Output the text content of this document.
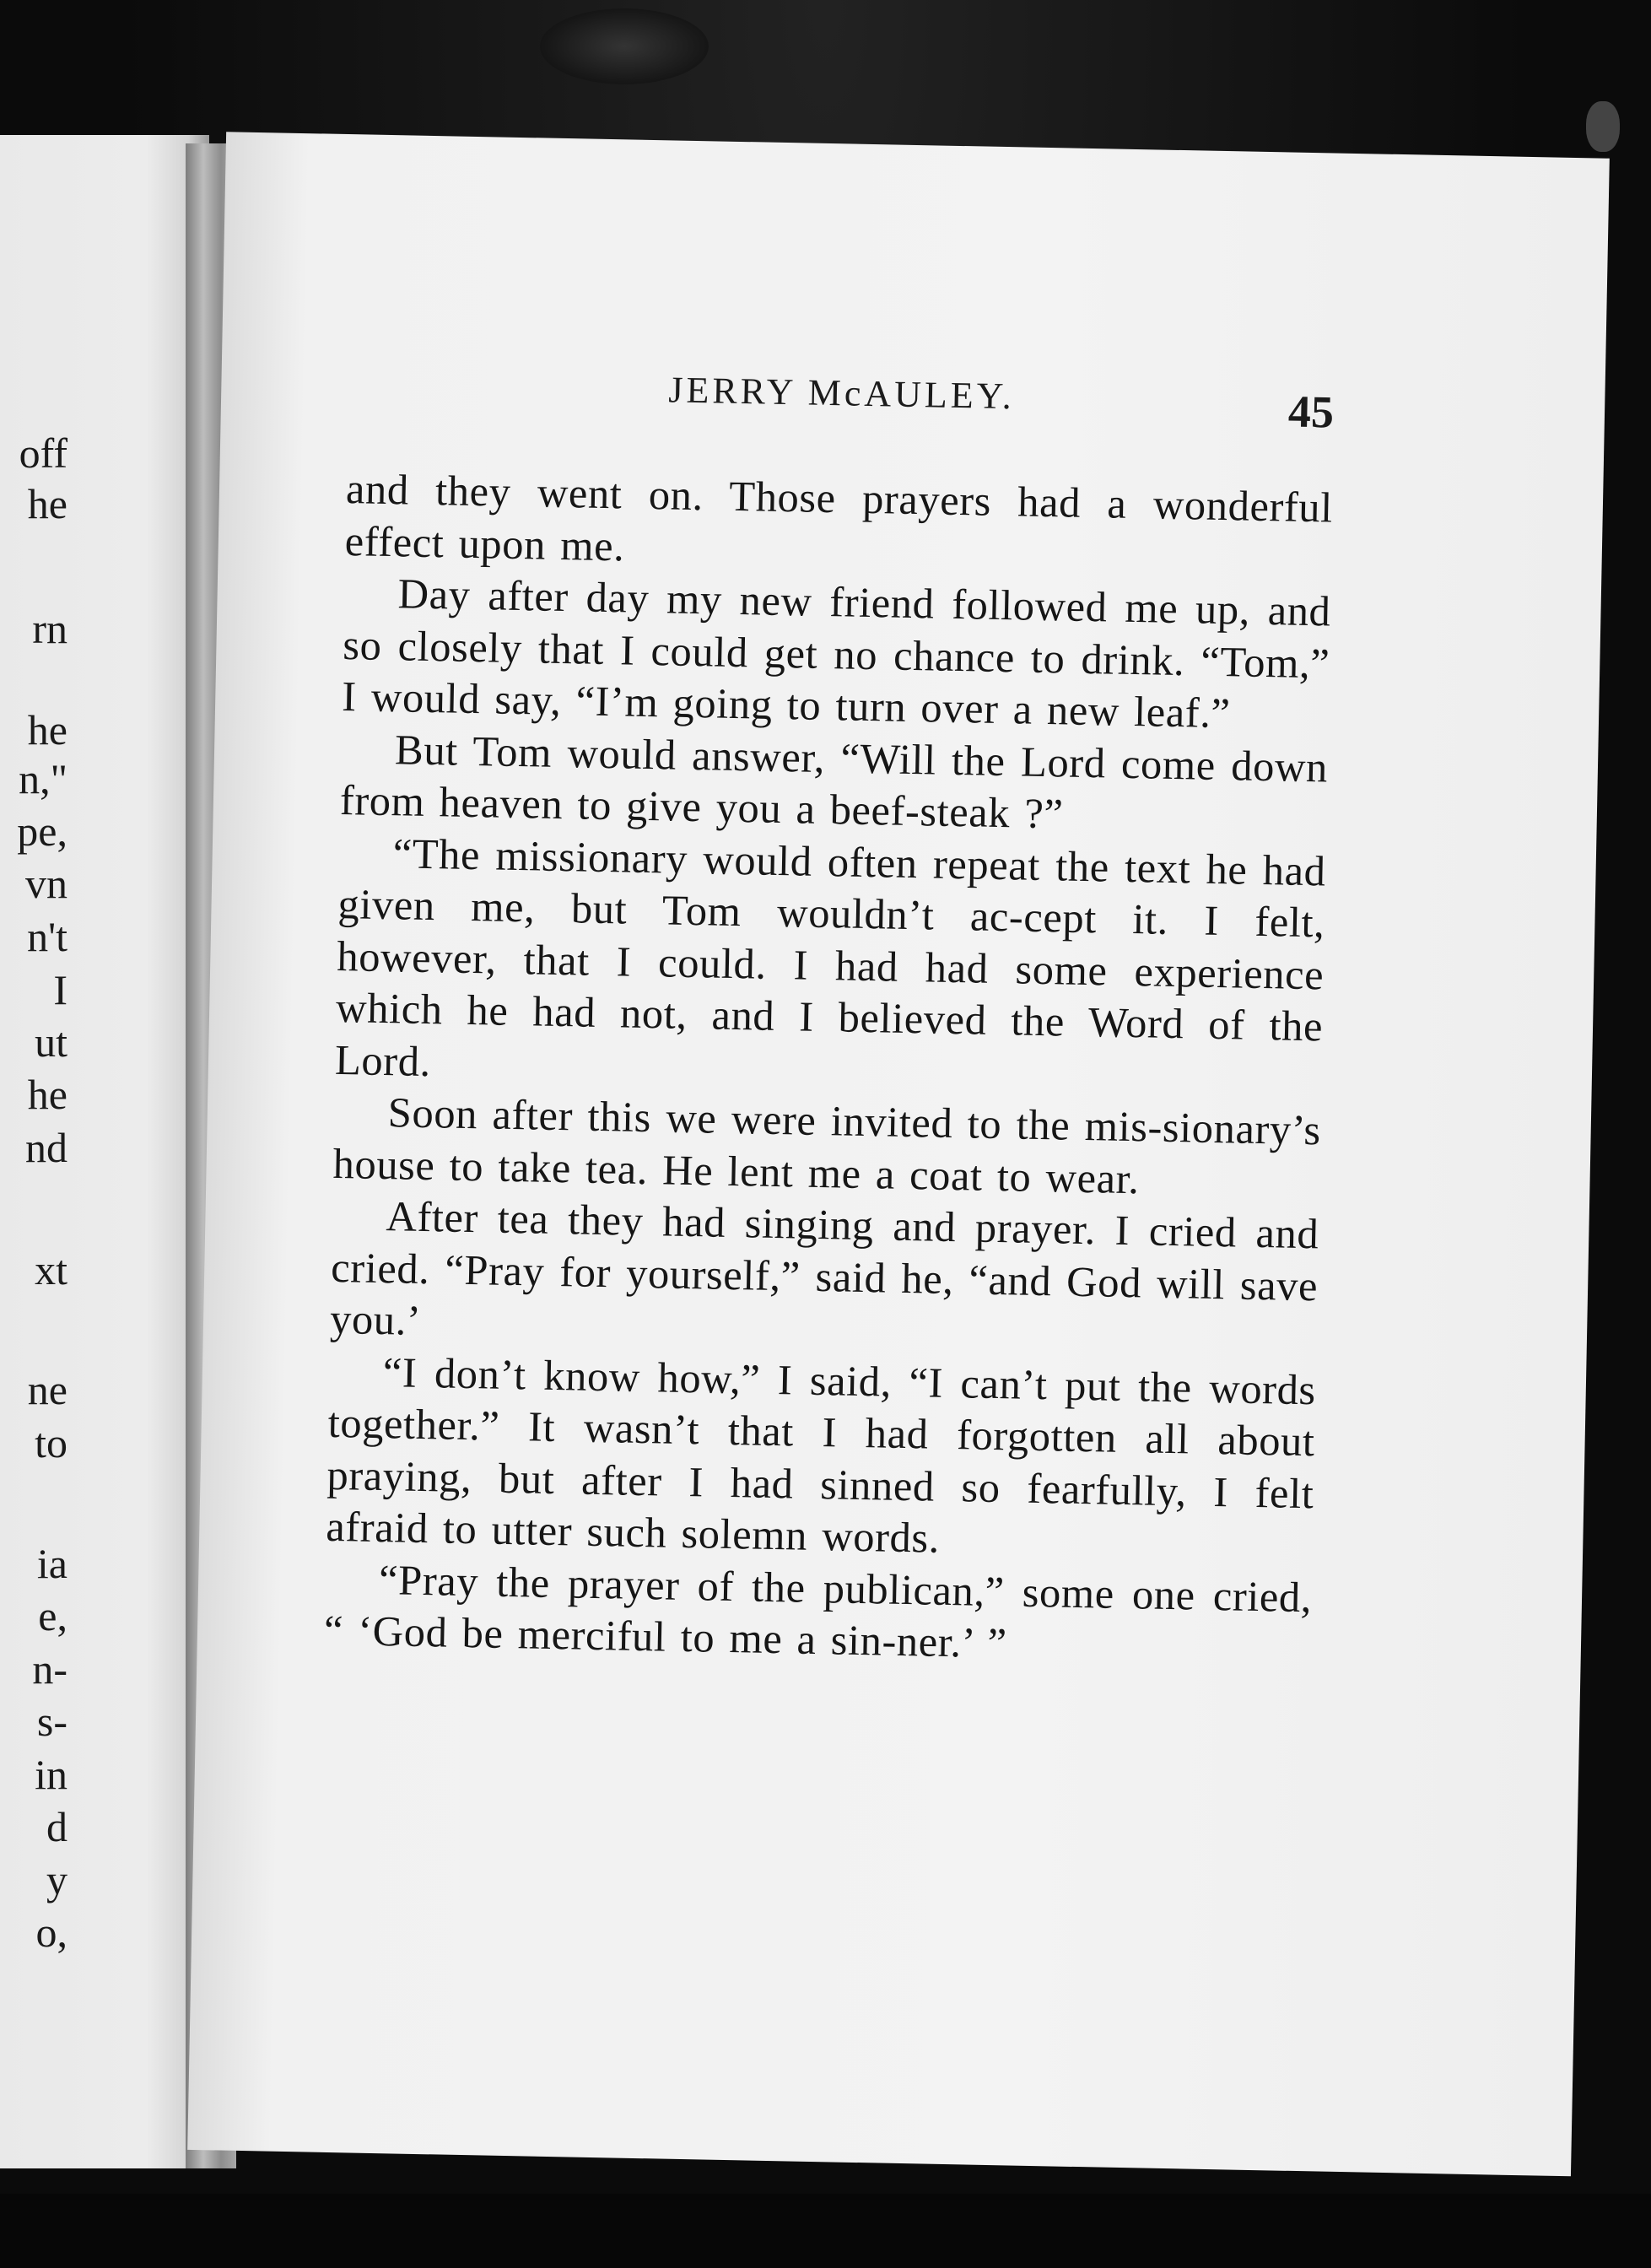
off
he
rn
he
n,"
pe,
vn
n't
I
ut
he
nd
xt
ne
to
ia
e,
n-
s-
in
d
y
o,
JERRY McAULEY.	45

and they went on. Those prayers had a wonderful effect upon me.

Day after day my new friend followed me up, and so closely that I could get no chance to drink. “Tom,” I would say, “I’m going to turn over a new leaf.”

But Tom would answer, “Will the Lord come down from heaven to give you a beef-steak ?”

“The missionary would often repeat the text he had given me, but Tom wouldn’t ac-cept it. I felt, however, that I could. I had had some experience which he had not, and I believed the Word of the Lord.

Soon after this we were invited to the mis-sionary’s house to take tea. He lent me a coat to wear.

After tea they had singing and prayer. I cried and cried. “Pray for yourself,” said he, “and God will save you.’

“I don’t know how,” I said, “I can’t put the words together.” It wasn’t that I had forgotten all about praying, but after I had sinned so fearfully, I felt afraid to utter such solemn words.

“Pray the prayer of the publican,” some one cried, “ ‘God be merciful to me a sin-ner.’ ”
